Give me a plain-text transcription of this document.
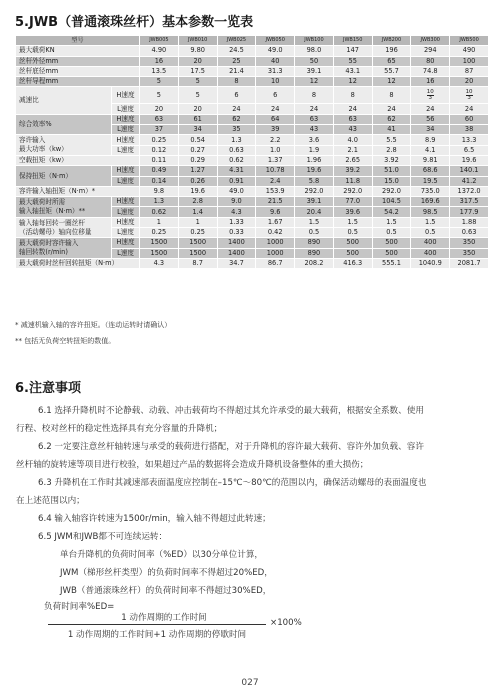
5.JWB（普通滚珠丝杆）基本参数一览表
型号		JWB005	JWB010	JWB025	JWB050	JWB100	JWB150	JWB200	JWB300	JWB500
最大载荷KN		4.90	9.80	24.5	49.0	98.0	147	196	294	490
丝杆外径mm		16	20	25	40	50	55	65	80	100
丝杆底径mm		13.5	17.5	21.4	31.3	39.1	43.1	55.7	74.8	87
丝杆导程mm		5	5	8	10	12	12	12	16	20
减速比	H速度	5	5	6	6	8	8	8	$\frac{10}{3}$	$\frac{10}{3}$

	L速度	20	20	24	24	24	24	24	24	24
综合效率%	H速度	63	61	62	64	63	63	62	56	60
	L速度	37	34	35	39	43	43	41	34	38
容许输入
最大功率（kw）	H速度	0.25	0.54	1.3	2.2	3.6	4.0	5.5	8.9	13.3
	L速度	0.12	0.27	0.63	1.0	1.9	2.1	2.8	4.1	6.5
空载扭矩（kw）		0.11	0.29	0.62	1.37	1.96	2.65	3.92	9.81	19.6
保持扭矩（N·m）	H速度	0.49	1.27	4.31	10.78	19.6	39.2	51.0	68.6	140.1
	L速度	0.14	0.26	0.91	2.4	5.8	11.8	15.0	19.5	41.2
容许输入轴扭矩（N·m）*		9.8	19.6	49.0	153.9	292.0	292.0	292.0	735.0	1372.0
最大载荷时所需
输入轴扭矩（N·m）**	H速度	1.3	2.8	9.0	21.5	39.1	77.0	104.5	169.6	317.5
	L速度	0.62	1.4	4.3	9.6	20.4	39.6	54.2	98.5	177.9
输入轴每回转一圈丝杆
（活动螺母）轴向位移量	H速度	1	1	1.33	1.67	1.5	1.5	1.5	1.5	1.88
	L速度	0.25	0.25	0.33	0.42	0.5	0.5	0.5	0.5	0.63
最大载荷时容许输入
轴回转数(r/min)	H速度	1500	1500	1400	1000	890	500	500	400	350
	L速度	1500	1500	1400	1000	890	500	500	400	350
最大载荷时丝杆回转扭矩（N·m）		4.3	8.7	34.7	86.7	208.2	416.3	555.1	1040.9	2081.7
* 减速机输入轴的容许扭矩。（连动运转时请确认）
** 包括无负荷空转扭矩的数值。
6.注意事项
6.1 选择升降机时不论静载、动载、冲击载荷均不得超过其允许承受的最大载荷，根据安全系数、使用
行程、校对丝杆的稳定性选择具有充分容量的升降机；
6.2 一定要注意丝杆轴转速与承受的载荷进行搭配，对于升降机的容许最大载荷、容许外加负载、容许
丝杆轴的旋转速等项目进行校验，如果超过产品的数据将会造成升降机设备整体的重大损伤；
6.3 升降机在工作时其减速部表面温度应控制在–15℃～80℃的范围以内，确保活动螺母的表面温度也
在上述范围以内；
6.4 输入轴容许转速为1500r/min，输入轴不得超过此转速；
6.5 JWM和JWB都不可连续运转：
单台升降机的负荷时间率（%ED）以30分单位计算，
JWM（梯形丝杆类型）的负荷时间率不得超过20%ED，
JWB（普通滚珠丝杆）的负荷时间率不得超过30%ED，
负荷时间率%ED=
1 动作周期的工作时间	×100%
1 动作周期的工作时间+1 动作周期的停歇时间
027
